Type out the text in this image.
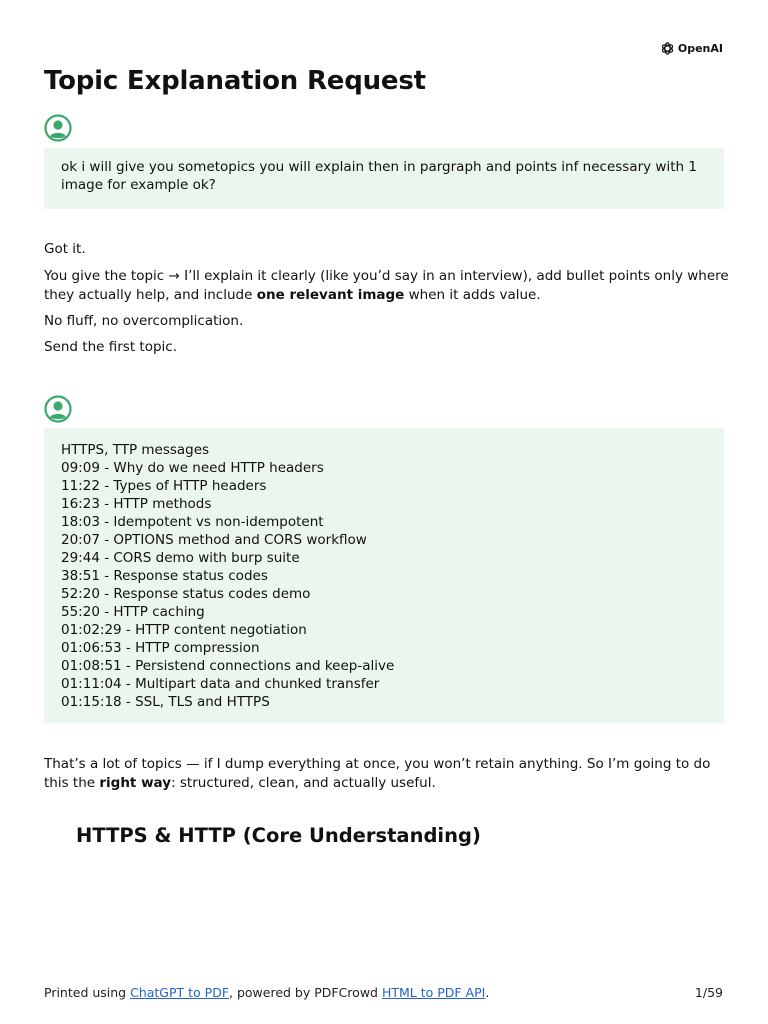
OpenAI
Topic Explanation Request
ok i will give you sometopics you will explain then in pargraph and points inf necessary with 1 image for example ok?
Got it.
You give the topic → I’ll explain it clearly (like you’d say in an interview), add bullet points only where they actually help, and include one relevant image when it adds value.
No fluff, no overcomplication.
Send the first topic.
HTTPS, TTP messages
09:09 - Why do we need HTTP headers
11:22 - Types of HTTP headers
16:23 - HTTP methods
18:03 - Idempotent vs non-idempotent
20:07 - OPTIONS method and CORS workflow
29:44 - CORS demo with burp suite
38:51 - Response status codes
52:20 - Response status codes demo
55:20 - HTTP caching
01:02:29 - HTTP content negotiation
01:06:53 - HTTP compression
01:08:51 - Persistend connections and keep-alive
01:11:04 - Multipart data and chunked transfer
01:15:18 - SSL, TLS and HTTPS
That’s a lot of topics — if I dump everything at once, you won’t retain anything. So I’m going to do this the right way: structured, clean, and actually useful.
HTTPS & HTTP (Core Understanding)
Printed using ChatGPT to PDF, powered by PDFCrowd HTML to PDF API.	1/59
